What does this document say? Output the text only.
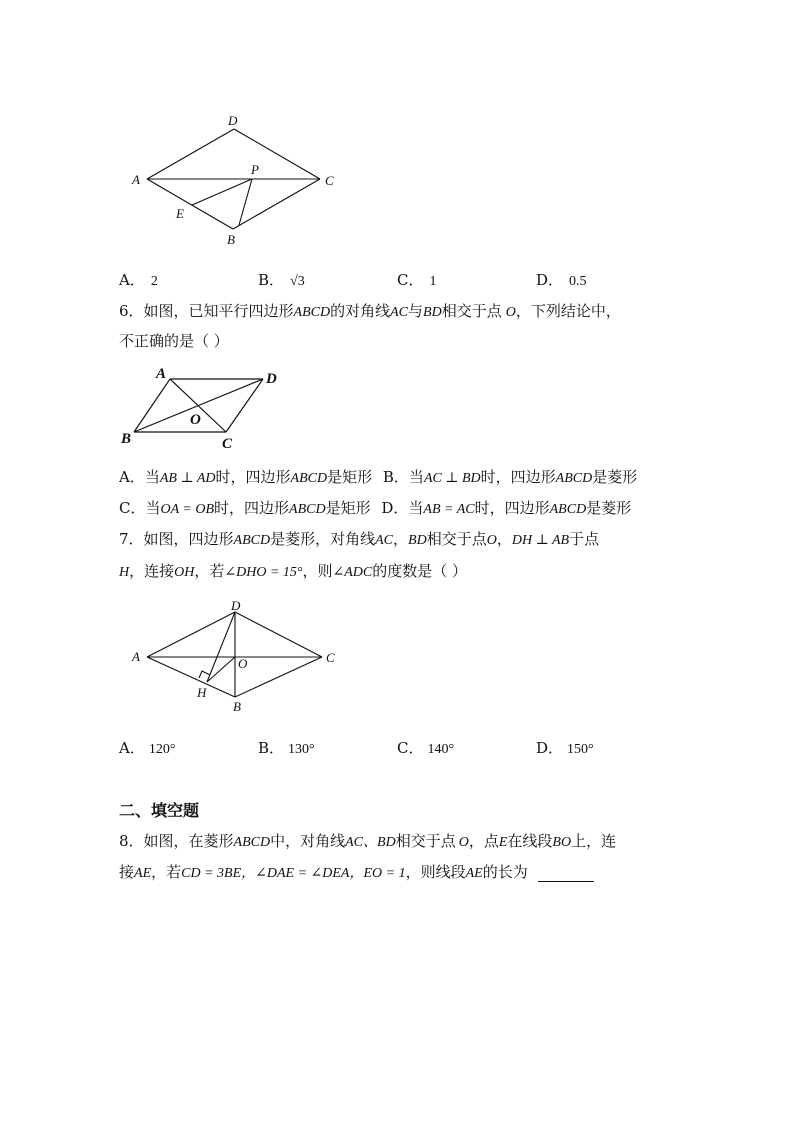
A
D
C
B
P
E
A． 2	B． √3	C． 1	D． 0.5
6．如图，已知平行四边形ABCD的对角线AC与BD相交于点 O，下列结论中，
不正确的是（ ）
A	D
B	C
O
A．当AB ⊥ AD时，四边形ABCD是矩形 B．当AC ⊥ BD时，四边形ABCD是菱形
C．当OA = OB时，四边形ABCD是矩形 D．当AB = AC时，四边形ABCD是菱形
7．如图，四边形ABCD是菱形，对角线AC，BD相交于点O，DH ⊥ AB于点
H，连接OH，若∠DHO = 15°，则∠ADC的度数是（ ）
A
D
C
B
O
H
A． 120°	B． 130°	C． 140°	D． 150°
二、填空题
8．如图，在菱形ABCD中，对角线AC、BD相交于点 O，点E在线段BO上，连
接AE，若CD = 3BE，∠DAE = ∠DEA，EO = 1，则线段AE的长为
